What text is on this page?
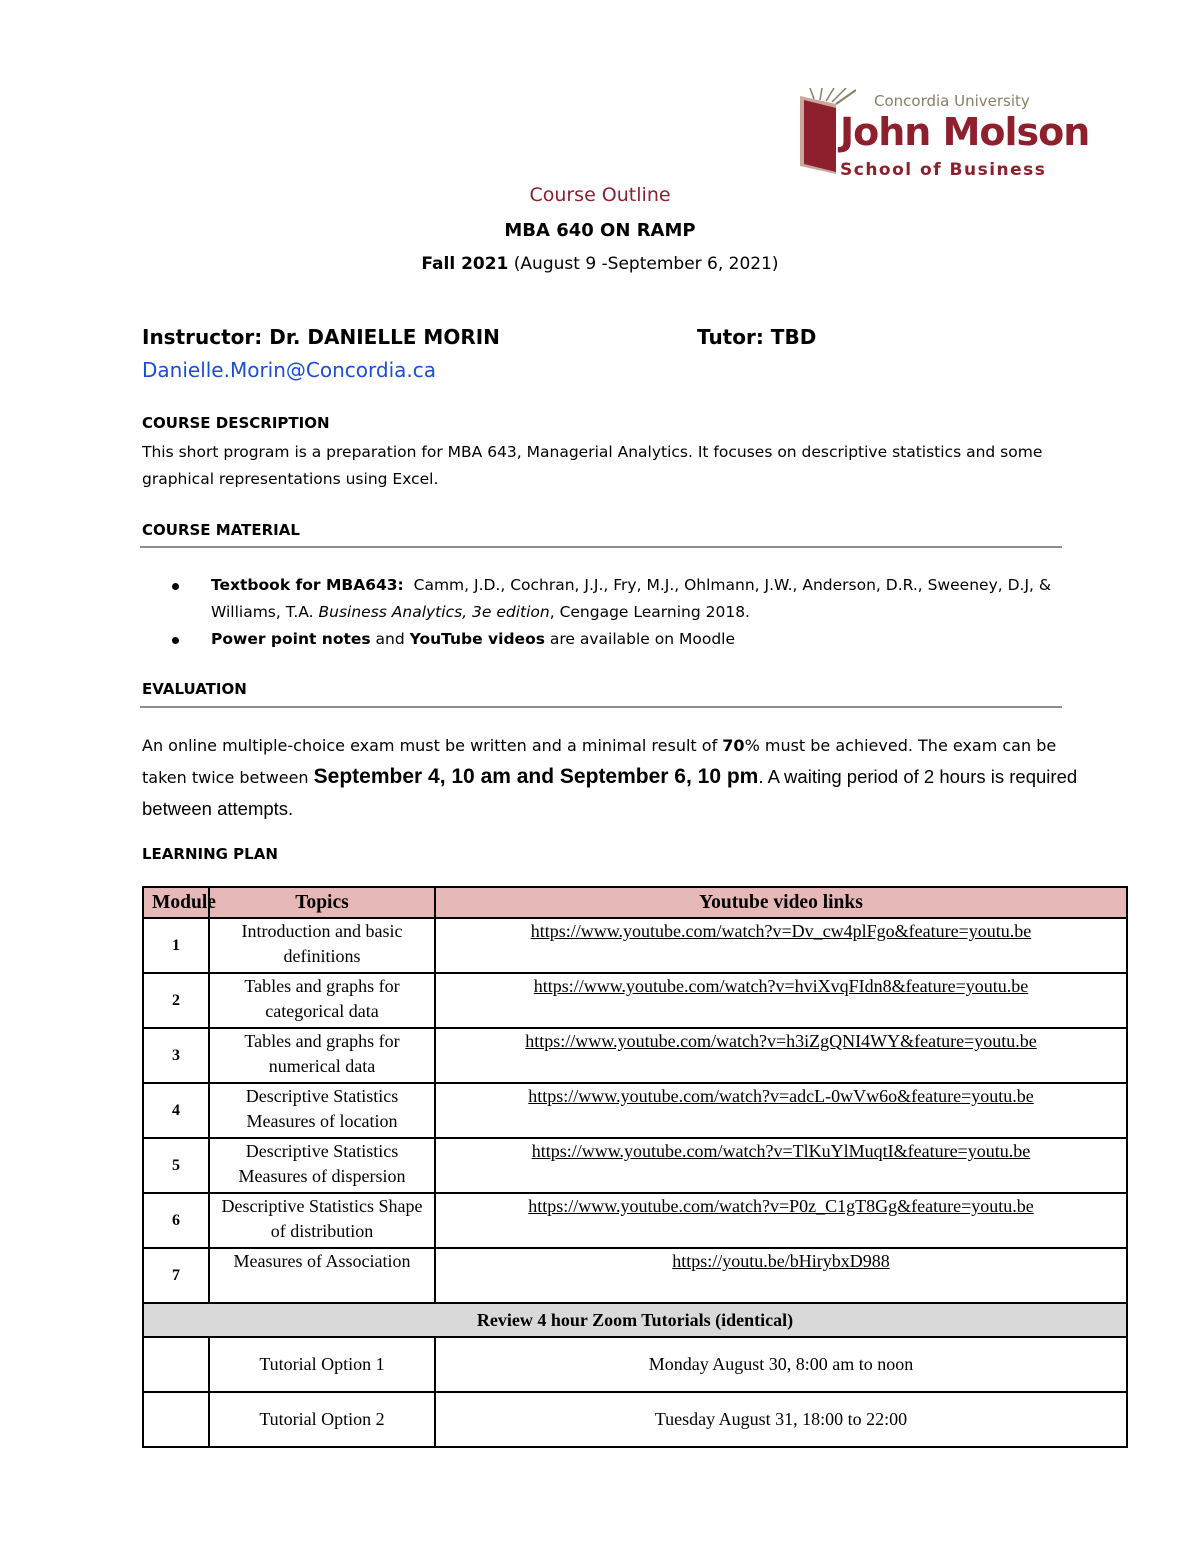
Concordia University
John Molson
School of Business
Course Outline
MBA 640 ON RAMP
Fall 2021 (August 9 -September 6, 2021)
Instructor: Dr. DANIELLE MORIN	Tutor: TBD
Danielle.Morin@Concordia.ca
COURSE DESCRIPTION
This short program is a preparation for MBA 643, Managerial Analytics. It focuses on descriptive statistics and some graphical representations using Excel.
COURSE MATERIAL
Textbook for MBA643: Camm, J.D., Cochran, J.J., Fry, M.J., Ohlmann, J.W., Anderson, D.R., Sweeney, D.J, & Williams, T.A. Business Analytics, 3e edition, Cengage Learning 2018.
Power point notes and YouTube videos are available on Moodle
EVALUATION
An online multiple-choice exam must be written and a minimal result of 70% must be achieved. The exam can be taken twice between September 4, 10 am and September 6, 10 pm. A waiting period of 2 hours is required between attempts.
LEARNING PLAN
Module	Topics	Youtube video links
1	Introduction and basic definitions	https://www.youtube.com/watch?v=Dv_cw4plFgo&feature=youtu.be
2	Tables and graphs for categorical data	https://www.youtube.com/watch?v=hviXvqFIdn8&feature=youtu.be
3	Tables and graphs for numerical data	https://www.youtube.com/watch?v=h3iZgQNI4WY&feature=youtu.be
4	Descriptive Statistics Measures of location	https://www.youtube.com/watch?v=adcL-0wVw6o&feature=youtu.be
5	Descriptive Statistics Measures of dispersion	https://www.youtube.com/watch?v=TlKuYlMuqtI&feature=youtu.be
6	Descriptive Statistics Shape of distribution	https://www.youtube.com/watch?v=P0z_C1gT8Gg&feature=youtu.be
7	Measures of Association	https://youtu.be/bHirybxD988
Review 4 hour Zoom Tutorials (identical)		
	Tutorial Option 1	Monday August 30, 8:00 am to noon
	Tutorial Option 2	Tuesday August 31, 18:00 to 22:00
